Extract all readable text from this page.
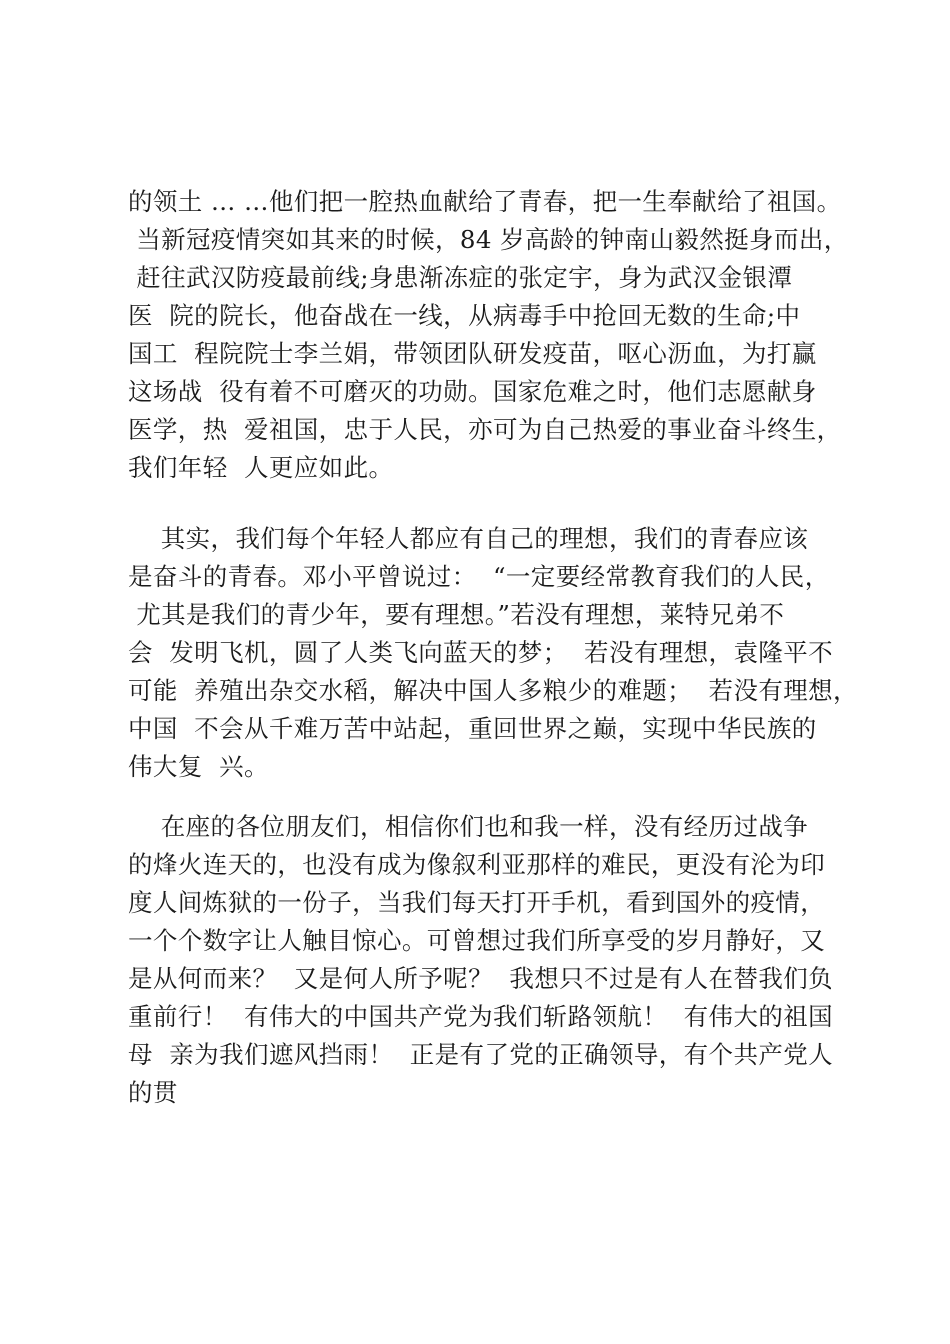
的领土 … …他们把一腔热血献给了青春，把一生奉献给了祖国。
当新冠疫情突如其来的时候，84 岁高龄的钟南山毅然挺身而出，
赶往武汉防疫最前线;身患渐冻症的张定宇，身为武汉金银潭
医  院的院长，他奋战在一线，从病毒手中抢回无数的生命;中
国工  程院院士李兰娟，带领团队研发疫苗，呕心沥血，为打赢
这场战  役有着不可磨灭的功勋。国家危难之时，他们志愿献身
医学，热  爱祖国，忠于人民，亦可为自己热爱的事业奋斗终生，
我们年轻  人更应如此。
其实，我们每个年轻人都应有自己的理想，我们的青春应该
是奋斗的青春。邓小平曾说过：  “一定要经常教育我们的人民，
尤其是我们的青少年，要有理想。”若没有理想，莱特兄弟不
会  发明飞机，圆了人类飞向蓝天的梦；  若没有理想，袁隆平不
可能  养殖出杂交水稻，解决中国人多粮少的难题；  若没有理想，
中国  不会从千难万苦中站起，重回世界之巅，实现中华民族的
伟大复  兴。
在座的各位朋友们，相信你们也和我一样，没有经历过战争
的烽火连天的，也没有成为像叙利亚那样的难民，更没有沦为印
度人间炼狱的一份子，当我们每天打开手机，看到国外的疫情，
一个个数字让人触目惊心。可曾想过我们所享受的岁月静好，又
是从何而来？  又是何人所予呢？  我想只不过是有人在替我们负
重前行！  有伟大的中国共产党为我们斩路领航！  有伟大的祖国
母  亲为我们遮风挡雨！  正是有了党的正确领导，有个共产党人
的贯
